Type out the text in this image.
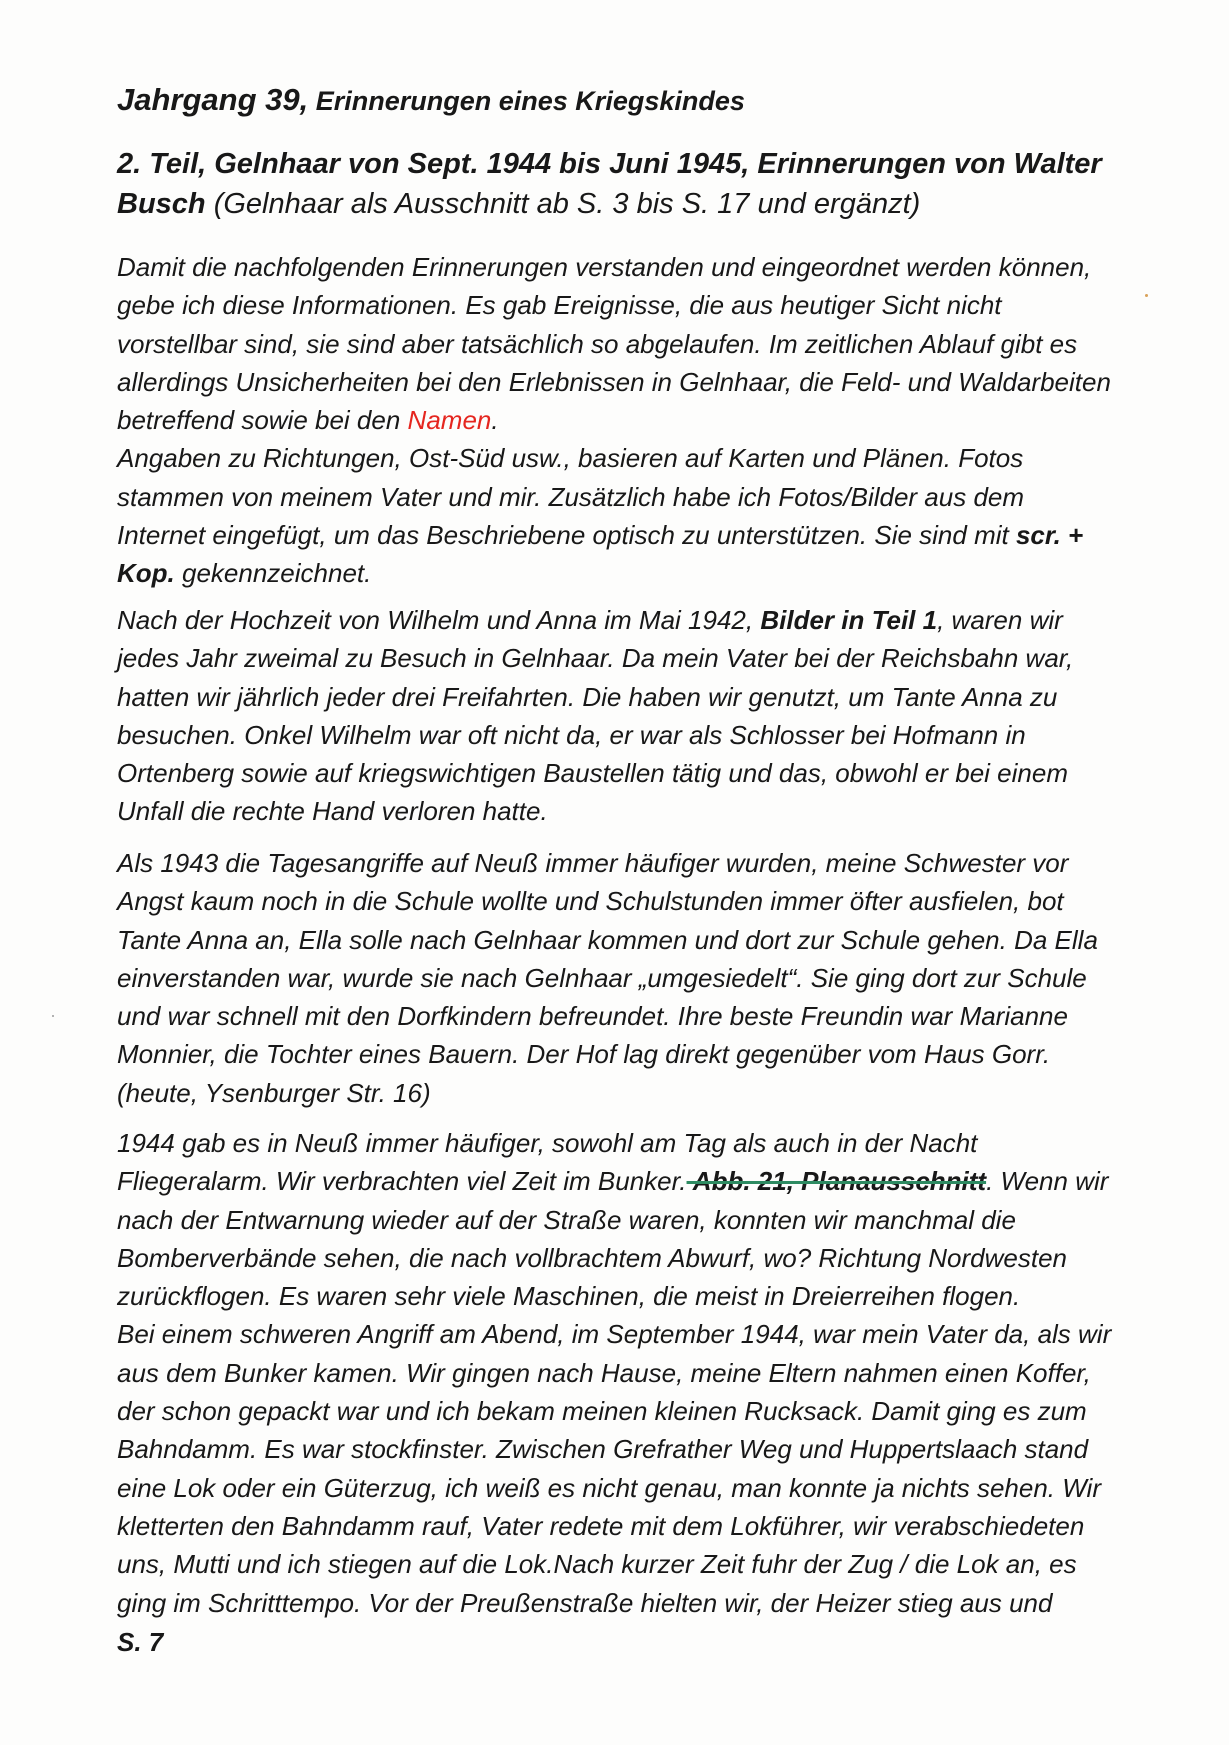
Jahrgang 39, Erinnerungen eines Kriegskindes
2. Teil, Gelnhaar von Sept. 1944 bis Juni 1945, Erinnerungen von Walter
Busch (Gelnhaar als Ausschnitt ab S. 3 bis S. 17 und ergänzt)
Damit die nachfolgenden Erinnerungen verstanden und eingeordnet werden können,
gebe ich diese Informationen. Es gab Ereignisse, die aus heutiger Sicht nicht
vorstellbar sind, sie sind aber tatsächlich so abgelaufen. Im zeitlichen Ablauf gibt es
allerdings Unsicherheiten bei den Erlebnissen in Gelnhaar, die Feld- und Waldarbeiten
betreffend sowie bei den Namen.
Angaben zu Richtungen, Ost-Süd usw., basieren auf Karten und Plänen. Fotos
stammen von meinem Vater und mir. Zusätzlich habe ich Fotos/Bilder aus dem
Internet eingefügt, um das Beschriebene optisch zu unterstützen. Sie sind mit scr. +
Kop. gekennzeichnet.
Nach der Hochzeit von Wilhelm und Anna im Mai 1942, Bilder in Teil 1, waren wir
jedes Jahr zweimal zu Besuch in Gelnhaar. Da mein Vater bei der Reichsbahn war,
hatten wir jährlich jeder drei Freifahrten. Die haben wir genutzt, um Tante Anna zu
besuchen. Onkel Wilhelm war oft nicht da, er war als Schlosser bei Hofmann in
Ortenberg sowie auf kriegswichtigen Baustellen tätig und das, obwohl er bei einem
Unfall die rechte Hand verloren hatte.
Als 1943 die Tagesangriffe auf Neuß immer häufiger wurden, meine Schwester vor
Angst kaum noch in die Schule wollte und Schulstunden immer öfter ausfielen, bot
Tante Anna an, Ella solle nach Gelnhaar kommen und dort zur Schule gehen. Da Ella
einverstanden war, wurde sie nach Gelnhaar „umgesiedelt“. Sie ging dort zur Schule
und war schnell mit den Dorfkindern befreundet. Ihre beste Freundin war Marianne
Monnier, die Tochter eines Bauern. Der Hof lag direkt gegenüber vom Haus Gorr.
(heute, Ysenburger Str. 16)
1944 gab es in Neuß immer häufiger, sowohl am Tag als auch in der Nacht
Fliegeralarm. Wir verbrachten viel Zeit im Bunker. Abb. 21, Planausschnitt. Wenn wir
nach der Entwarnung wieder auf der Straße waren, konnten wir manchmal die
Bomberverbände sehen, die nach vollbrachtem Abwurf, wo? Richtung Nordwesten
zurückflogen. Es waren sehr viele Maschinen, die meist in Dreierreihen flogen.
Bei einem schweren Angriff am Abend, im September 1944, war mein Vater da, als wir
aus dem Bunker kamen. Wir gingen nach Hause, meine Eltern nahmen einen Koffer,
der schon gepackt war und ich bekam meinen kleinen Rucksack. Damit ging es zum
Bahndamm. Es war stockfinster. Zwischen Grefrather Weg und Huppertslaach stand
eine Lok oder ein Güterzug, ich weiß es nicht genau, man konnte ja nichts sehen. Wir
kletterten den Bahndamm rauf, Vater redete mit dem Lokführer, wir verabschiedeten
uns, Mutti und ich stiegen auf die Lok.Nach kurzer Zeit fuhr der Zug / die Lok an, es
ging im Schritttempo. Vor der Preußenstraße hielten wir, der Heizer stieg aus und
S. 7
